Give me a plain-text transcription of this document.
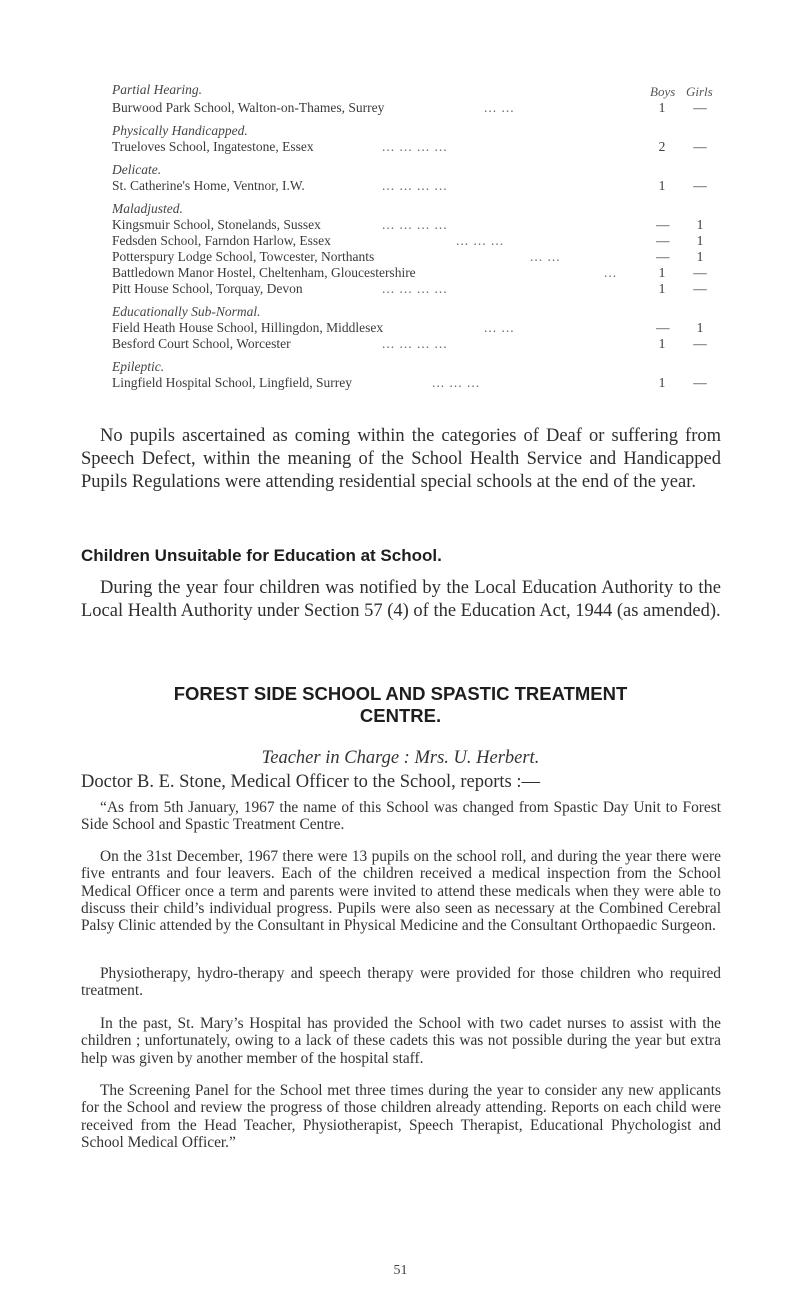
Partial Hearing.	Boys Girls
Burwood Park School, Walton-on-Thames, Surrey	... ...	1 —
Physically Handicapped.
Trueloves School, Ingatestone, Essex	... ... ... ...	2 —
Delicate.
St. Catherine's Home, Ventnor, I.W.	... ... ... ...	1 —
Maladjusted.
Kingsmuir School, Stonelands, Sussex	... ... ... ...	—	1
Fedsden School, Farndon Harlow, Essex	... ... ...	—	1
Potterspury Lodge School, Towcester, Northants	... ...	—	1
Battledown Manor Hostel, Cheltenham, Gloucestershire	...	1 —
Pitt House School, Torquay, Devon	... ... ... ...	1 —
Educationally Sub-Normal.
Field Heath House School, Hillingdon, Middlesex	... ...	—	1
Besford Court School, Worcester	... ... ... ...	1 —
Epileptic.
Lingfield Hospital School, Lingfield, Surrey	... ... ...	1 —

No pupils ascertained as coming within the categories of Deaf or suffering from Speech Defect, within the meaning of the School Health Service and Handicapped Pupils Regulations were attending residential special schools at the end of the year.

Children Unsuitable for Education at School.

During the year four children was notified by the Local Education Authority to the Local Health Authority under Section 57 (4) of the Education Act, 1944 (as amended).

FOREST SIDE SCHOOL AND SPASTIC TREATMENT
CENTRE.
Teacher in Charge : Mrs. U. Herbert.

Doctor B. E. Stone, Medical Officer to the School, reports :—

“As from 5th January, 1967 the name of this School was changed from Spastic Day Unit to Forest Side School and Spastic Treatment Centre.

On the 31st December, 1967 there were 13 pupils on the school roll, and during the year there were five entrants and four leavers. Each of the children received a medical inspection from the School Medical Officer once a term and parents were invited to attend these medicals when they were able to discuss their child’s individual progress. Pupils were also seen as necessary at the Combined Cerebral Palsy Clinic attended by the Consultant in Physical Medicine and the Consultant Orthopaedic Surgeon.

Physiotherapy, hydro-therapy and speech therapy were provided for those children who required treatment.

In the past, St. Mary’s Hospital has provided the School with two cadet nurses to assist with the children ; unfortunately, owing to a lack of these cadets this was not possible during the year but extra help was given by another member of the hospital staff.

The Screening Panel for the School met three times during the year to consider any new applicants for the School and review the progress of those children already attending. Reports on each child were received from the Head Teacher, Physiotherapist, Speech Therapist, Educational Phychologist and School Medical Officer.”

51
